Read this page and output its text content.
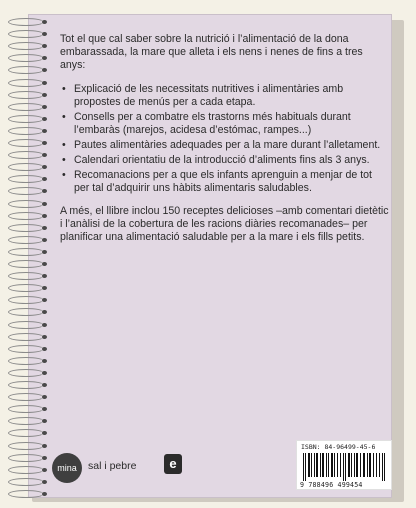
Tot el que cal saber sobre la nutrició i l’alimentació de la dona embarassada, la mare que alleta i els nens i nenes de fins a tres anys:

• Explicació de les necessitats nutritives i alimentàries amb propostes de menús per a cada etapa.
• Consells per a combatre els trastorns més habituals durant l’embaràs (marejos, acidesa d’estómac, rampes...)
• Pautes alimentàries adequades per a la mare durant l’alletament.
• Calendari orientatiu de la introducció d’aliments fins als 3 anys.
• Recomanacions per a que els infants aprenguin a menjar de tot per tal d’adquirir uns hàbits alimentaris saludables.

A més, el llibre inclou 150 receptes delicioses –amb comentari dietètic i l’anàlisi de la cobertura de les racions diàries recomanades– per planificar una alimentació saludable per a la mare i els fills petits.

mina	sal i pebre	e
ISBN: 84-96499-45-6
9 788496 499454
